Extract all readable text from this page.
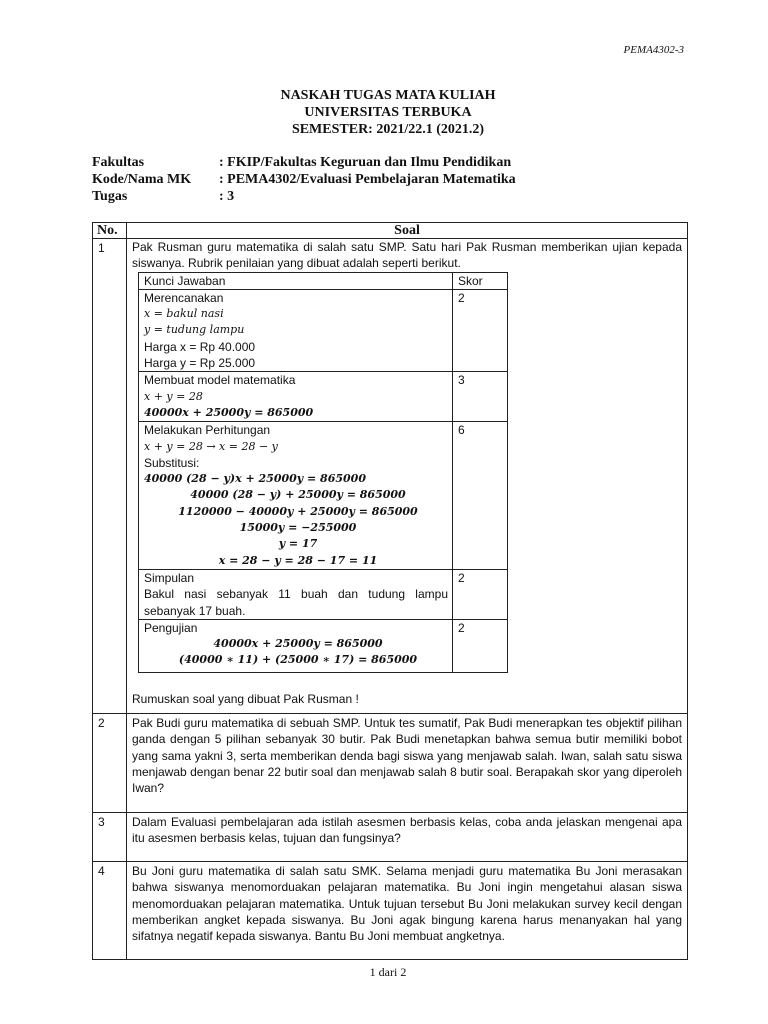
PEMA4302-3
NASKAH TUGAS MATA KULIAH
UNIVERSITAS TERBUKA
SEMESTER: 2021/22.1 (2021.2)
Fakultas	: FKIP/Fakultas Keguruan dan Ilmu Pendidikan
Kode/Nama MK	: PEMA4302/Evaluasi Pembelajaran Matematika
Tugas	: 3
No.	Soal
1	Pak Rusman guru matematika di salah satu SMP. Satu hari Pak Rusman memberikan ujian kepada siswanya. Rubrik penilaian yang dibuat adalah seperti berikut.

Kunci Jawaban	Skor

Merencanakan
x = bakul nasi
y = tudung lampu
Harga x = Rp 40.000
Harga y = Rp 25.000
	2

Membuat model matematika
x + y = 28
40000x + 25000y = 865000
	3

Melakukan Perhitungan
x + y = 28 → x = 28 − y
Substitusi:
40000 (28 − y)x + 25000y = 865000
40000 (28 − y) + 25000y = 865000
1120000 − 40000y + 25000y = 865000
15000y = −255000
y = 17
x = 28 − y = 28 − 17 = 11
	6

Simpulan
Bakul nasi sebanyak 11 buah dan tudung lampu sebanyak 17 buah.
	2

Pengujian
40000x + 25000y = 865000
(40000 ∗ 11) + (25000 ∗ 17) = 865000
	2

Rumuskan soal yang dibuat Pak Rusman !

2	Pak Budi guru matematika di sebuah SMP. Untuk tes sumatif, Pak Budi menerapkan tes objektif pilihan ganda dengan 5 pilihan sebanyak 30 butir. Pak Budi menetapkan bahwa semua butir memiliki bobot yang sama yakni 3, serta memberikan denda bagi siswa yang menjawab salah. Iwan, salah satu siswa menjawab dengan benar 22 butir soal dan menjawab salah 8 butir soal. Berapakah skor yang diperoleh Iwan?

3	Dalam Evaluasi pembelajaran ada istilah asesmen berbasis kelas, coba anda jelaskan mengenai apa itu asesmen berbasis kelas, tujuan dan fungsinya?

4	Bu Joni guru matematika di salah satu SMK. Selama menjadi guru matematika Bu Joni merasakan bahwa siswanya menomorduakan pelajaran matematika. Bu Joni ingin mengetahui alasan siswa menomorduakan pelajaran matematika. Untuk tujuan tersebut Bu Joni melakukan survey kecil dengan memberikan angket kepada siswanya. Bu Joni agak bingung karena harus menanyakan hal yang sifatnya negatif kepada siswanya. Bantu Bu Joni membuat angketnya.

1 dari 2
